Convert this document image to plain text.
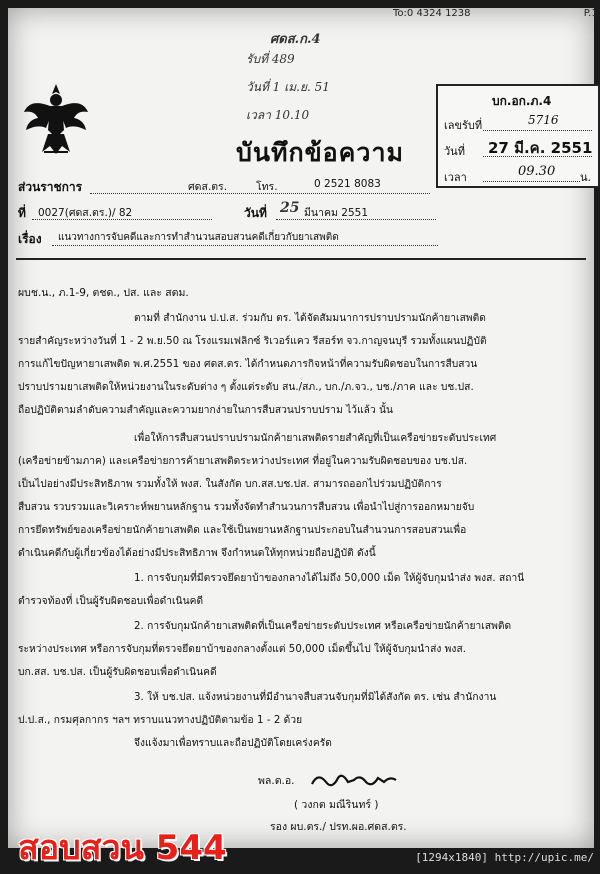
To:0 4324 1238	P.1
ศดส.ก.4
รับที่ 489
วันที่ 1 เม.ย. 51
เวลา 10.10
บันทึกข้อความ
บก.อก.ภ.4
เลขรับที่	5716
วันที่ 27 มี.ค. 2551
เวลา	09.30 น.
ส่วนราชการ	ศดส.ตร.	โทร.	0 2521 8083
ที่ 0027(ศดส.ตร.)/ 82	วันที่ 25 มีนาคม 2551
เรื่อง แนวทางการจับคดีและการทำสำนวนสอบสวนคดีเกี่ยวกับยาเสพติด
ผบช.น., ภ.1-9, ตชด., ปส. และ สตม.
ตามที่ สำนักงาน ป.ป.ส. ร่วมกับ ตร. ได้จัดสัมมนาการปราบปรามนักค้ายาเสพติด
รายสำคัญระหว่างวันที่ 1 - 2 พ.ย.50 ณ โรงแรมเฟลิกซ์ ริเวอร์แคว รีสอร์ท จว.กาญจนบุรี รวมทั้งแผนปฏิบัติ
การแก้ไขปัญหายาเสพติด พ.ศ.2551 ของ ศดส.ตร. ได้กำหนดภารกิจหน้าที่ความรับผิดชอบในการสืบสวน
ปราบปรามยาเสพติดให้หน่วยงานในระดับต่าง ๆ ตั้งแต่ระดับ สน./สภ., บก./ภ.จว., บช./ภาค และ บช.ปส.
ถือปฏิบัติตามลำดับความสำคัญและความยากง่ายในการสืบสวนปราบปราม ไว้แล้ว นั้น
เพื่อให้การสืบสวนปราบปรามนักค้ายาเสพติดรายสำคัญที่เป็นเครือข่ายระดับประเทศ
(เครือข่ายข้ามภาค) และเครือข่ายการค้ายาเสพติดระหว่างประเทศ ที่อยู่ในความรับผิดชอบของ บช.ปส.
เป็นไปอย่างมีประสิทธิภาพ รวมทั้งให้ พงส. ในสังกัด บก.สส.บช.ปส. สามารถออกไปร่วมปฏิบัติการ
สืบสวน รวบรวมและวิเคราะห์พยานหลักฐาน รวมทั้งจัดทำสำนวนการสืบสวน เพื่อนำไปสู่การออกหมายจับ
การยึดทรัพย์ของเครือข่ายนักค้ายาเสพติด และใช้เป็นพยานหลักฐานประกอบในสำนวนการสอบสวนเพื่อ
ดำเนินคดีกับผู้เกี่ยวข้องได้อย่างมีประสิทธิภาพ จึงกำหนดให้ทุกหน่วยถือปฏิบัติ ดังนี้
1. การจับกุมที่มีตรวจยึดยาบ้าของกลางได้ไม่ถึง 50,000 เม็ด ให้ผู้จับกุมนำส่ง พงส. สถานี
ตำรวจท้องที่ เป็นผู้รับผิดชอบเพื่อดำเนินคดี
2. การจับกุมนักค้ายาเสพติดที่เป็นเครือข่ายระดับประเทศ หรือเครือข่ายนักค้ายาเสพติด
ระหว่างประเทศ หรือการจับกุมที่ตรวจยึดยาบ้าของกลางตั้งแต่ 50,000 เม็ดขึ้นไป ให้ผู้จับกุมนำส่ง พงส.
บก.สส. บช.ปส. เป็นผู้รับผิดชอบเพื่อดำเนินคดี
3. ให้ บช.ปส. แจ้งหน่วยงานที่มีอำนาจสืบสวนจับกุมที่มิได้สังกัด ตร. เช่น สำนักงาน
ป.ป.ส., กรมศุลกากร ฯลฯ ทราบแนวทางปฏิบัติตามข้อ 1 - 2 ด้วย
จึงแจ้งมาเพื่อทราบและถือปฏิบัติโดยเคร่งครัด
พล.ต.อ.
( วงกต มณีรินทร์ )
รอง ผบ.ตร./ ปรท.ผอ.ศดส.ตร.
สอบสวน 544	[1294x1840] http://upic.me/
